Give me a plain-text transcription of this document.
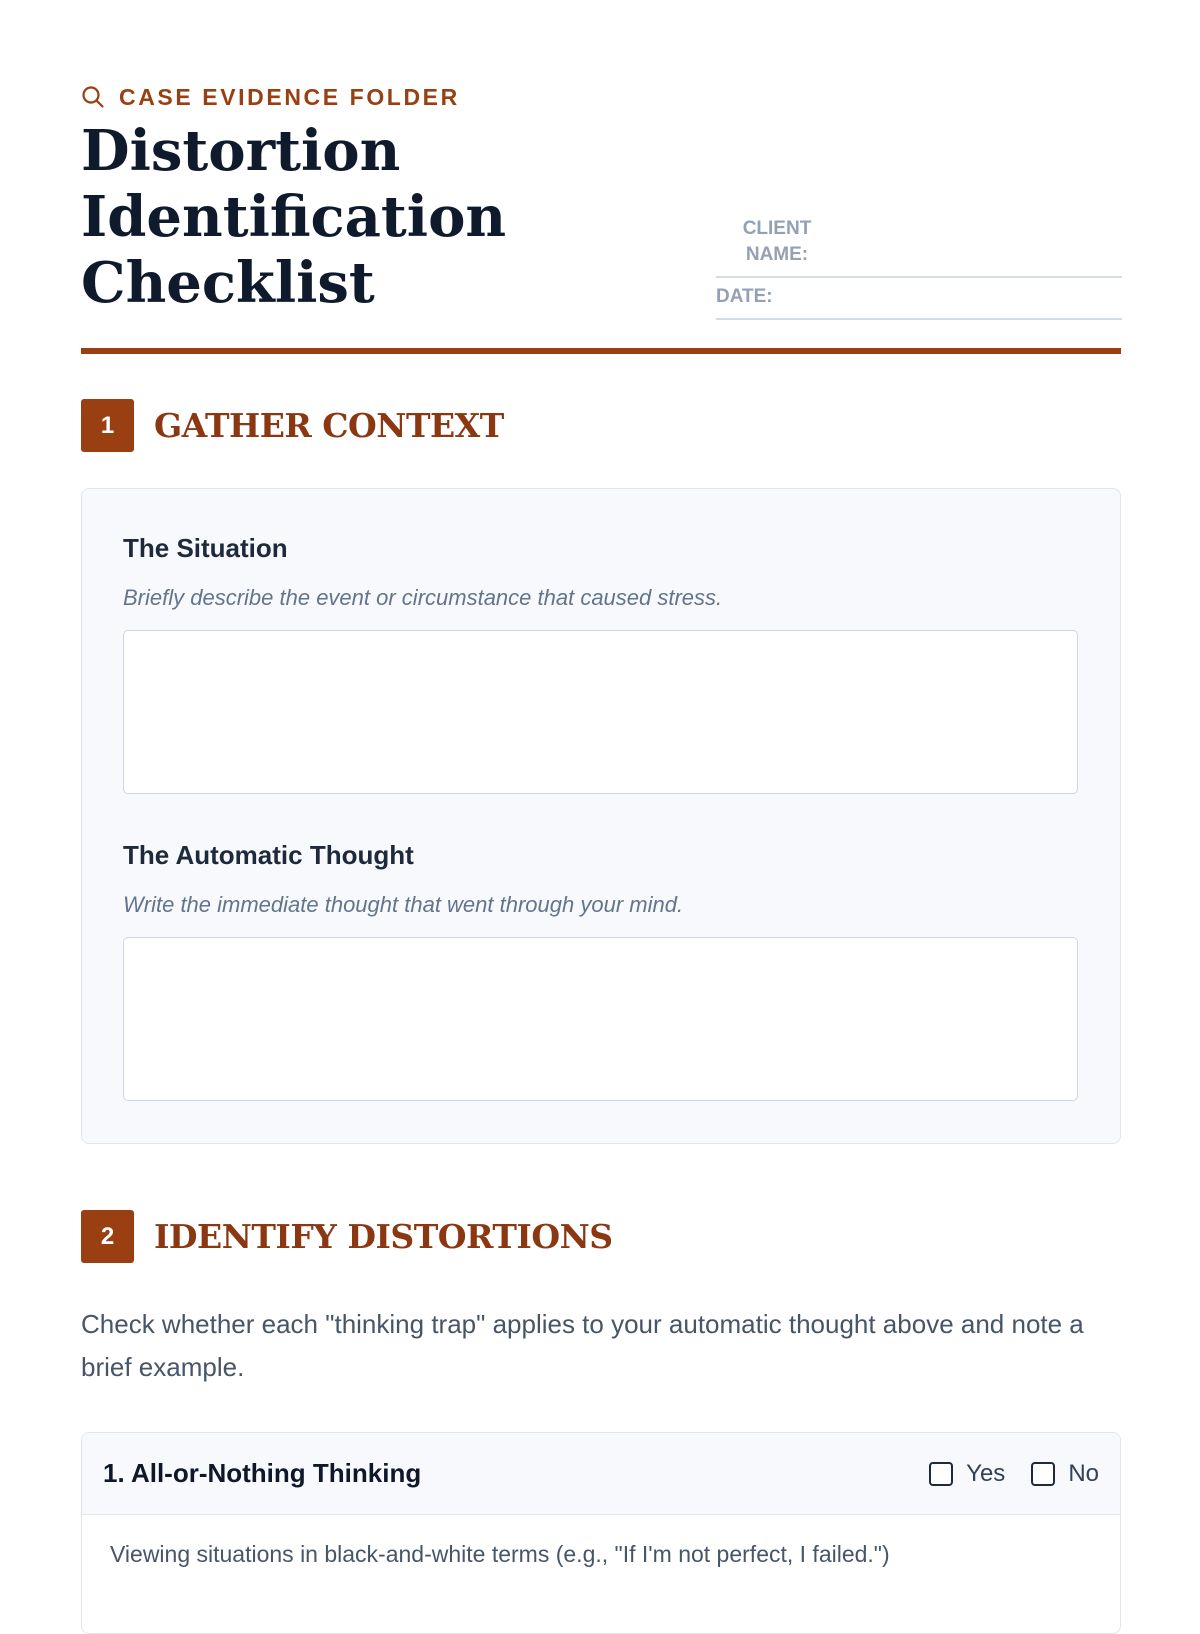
CASE EVIDENCE FOLDER
Distortion Identification Checklist
CLIENT NAME:
DATE:
1	GATHER CONTEXT
The Situation
Briefly describe the event or circumstance that caused stress.
The Automatic Thought
Write the immediate thought that went through your mind.
2	IDENTIFY DISTORTIONS

Check whether each "thinking trap" applies to your automatic thought above and note a brief example.

1. All-or-Nothing Thinking	Yes	No
Viewing situations in black-and-white terms (e.g., "If I'm not perfect, I failed.")
